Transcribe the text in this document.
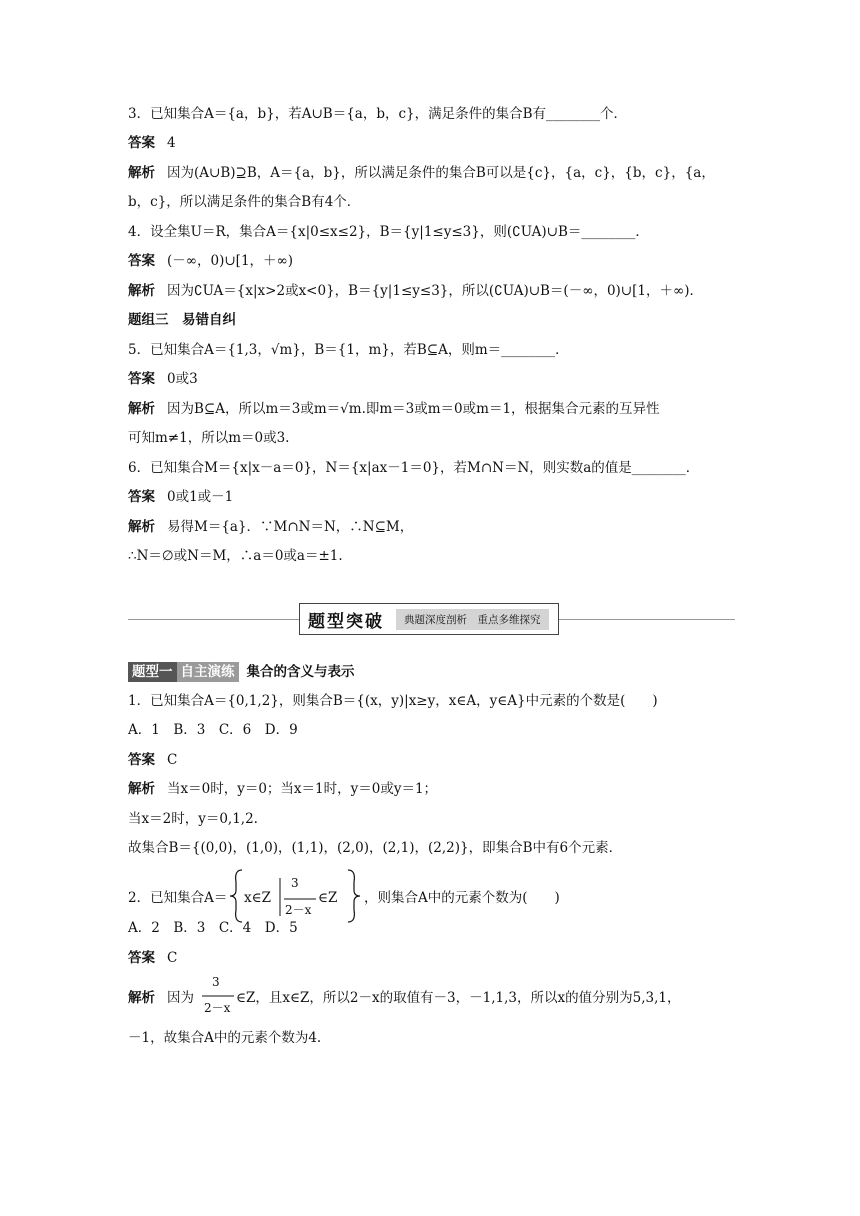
3．已知集合A＝{a，b}，若A∪B＝{a，b，c}，满足条件的集合B有________个．
答案 4
解析 因为(A∪B)⊇B，A＝{a，b}，所以满足条件的集合B可以是{c}，{a，c}，{b，c}，{a，
b，c}，所以满足条件的集合B有4个．
4．设全集U＝R，集合A＝{x|0≤x≤2}，B＝{y|1≤y≤3}，则(∁UA)∪B＝________．
答案 (－∞，0)∪[1，＋∞)
解析 因为∁UA＝{x|x>2或x<0}，B＝{y|1≤y≤3}，所以(∁UA)∪B＝(－∞，0)∪[1，＋∞)．
题组三　易错自纠
5．已知集合A＝{1,3，√m}，B＝{1，m}，若B⊆A，则m＝________．
答案 0或3
解析 因为B⊆A，所以m＝3或m＝√m.即m＝3或m＝0或m＝1，根据集合元素的互异性
可知m≠1，所以m＝0或3.
6．已知集合M＝{x|x－a＝0}，N＝{x|ax－1＝0}，若M∩N＝N，则实数a的值是________．
答案 0或1或－1
解析 易得M＝{a}．∵M∩N＝N，∴N⊆M，
∴N＝∅或N＝M，∴a＝0或a＝±1.
题型突破	典题深度剖析　重点多维探究
题型一 自主演练 集合的含义与表示
1．已知集合A＝{0,1,2}，则集合B＝{(x，y)|x≥y，x∈A，y∈A}中元素的个数是(　　)
A．1　B．3　C．6　D．9
答案 C
解析 当x＝0时，y＝0；当x＝1时，y＝0或y＝1；
当x＝2时，y＝0,1,2.
故集合B＝{(0,0)，(1,0)，(1,1)，(2,0)，(2,1)，(2,2)}，即集合B中有6个元素．
2．已知集合A＝ x∈Z
3
2－x
∈Z ，则集合A中的元素个数为(　　)
A．2　B．3　C．4　D．5
答案 C
解析 因为
3
2－x
∈Z，且x∈Z，所以2－x的取值有－3，－1,1,3，所以x的值分别为5,3,1，
－1，故集合A中的元素个数为4.
